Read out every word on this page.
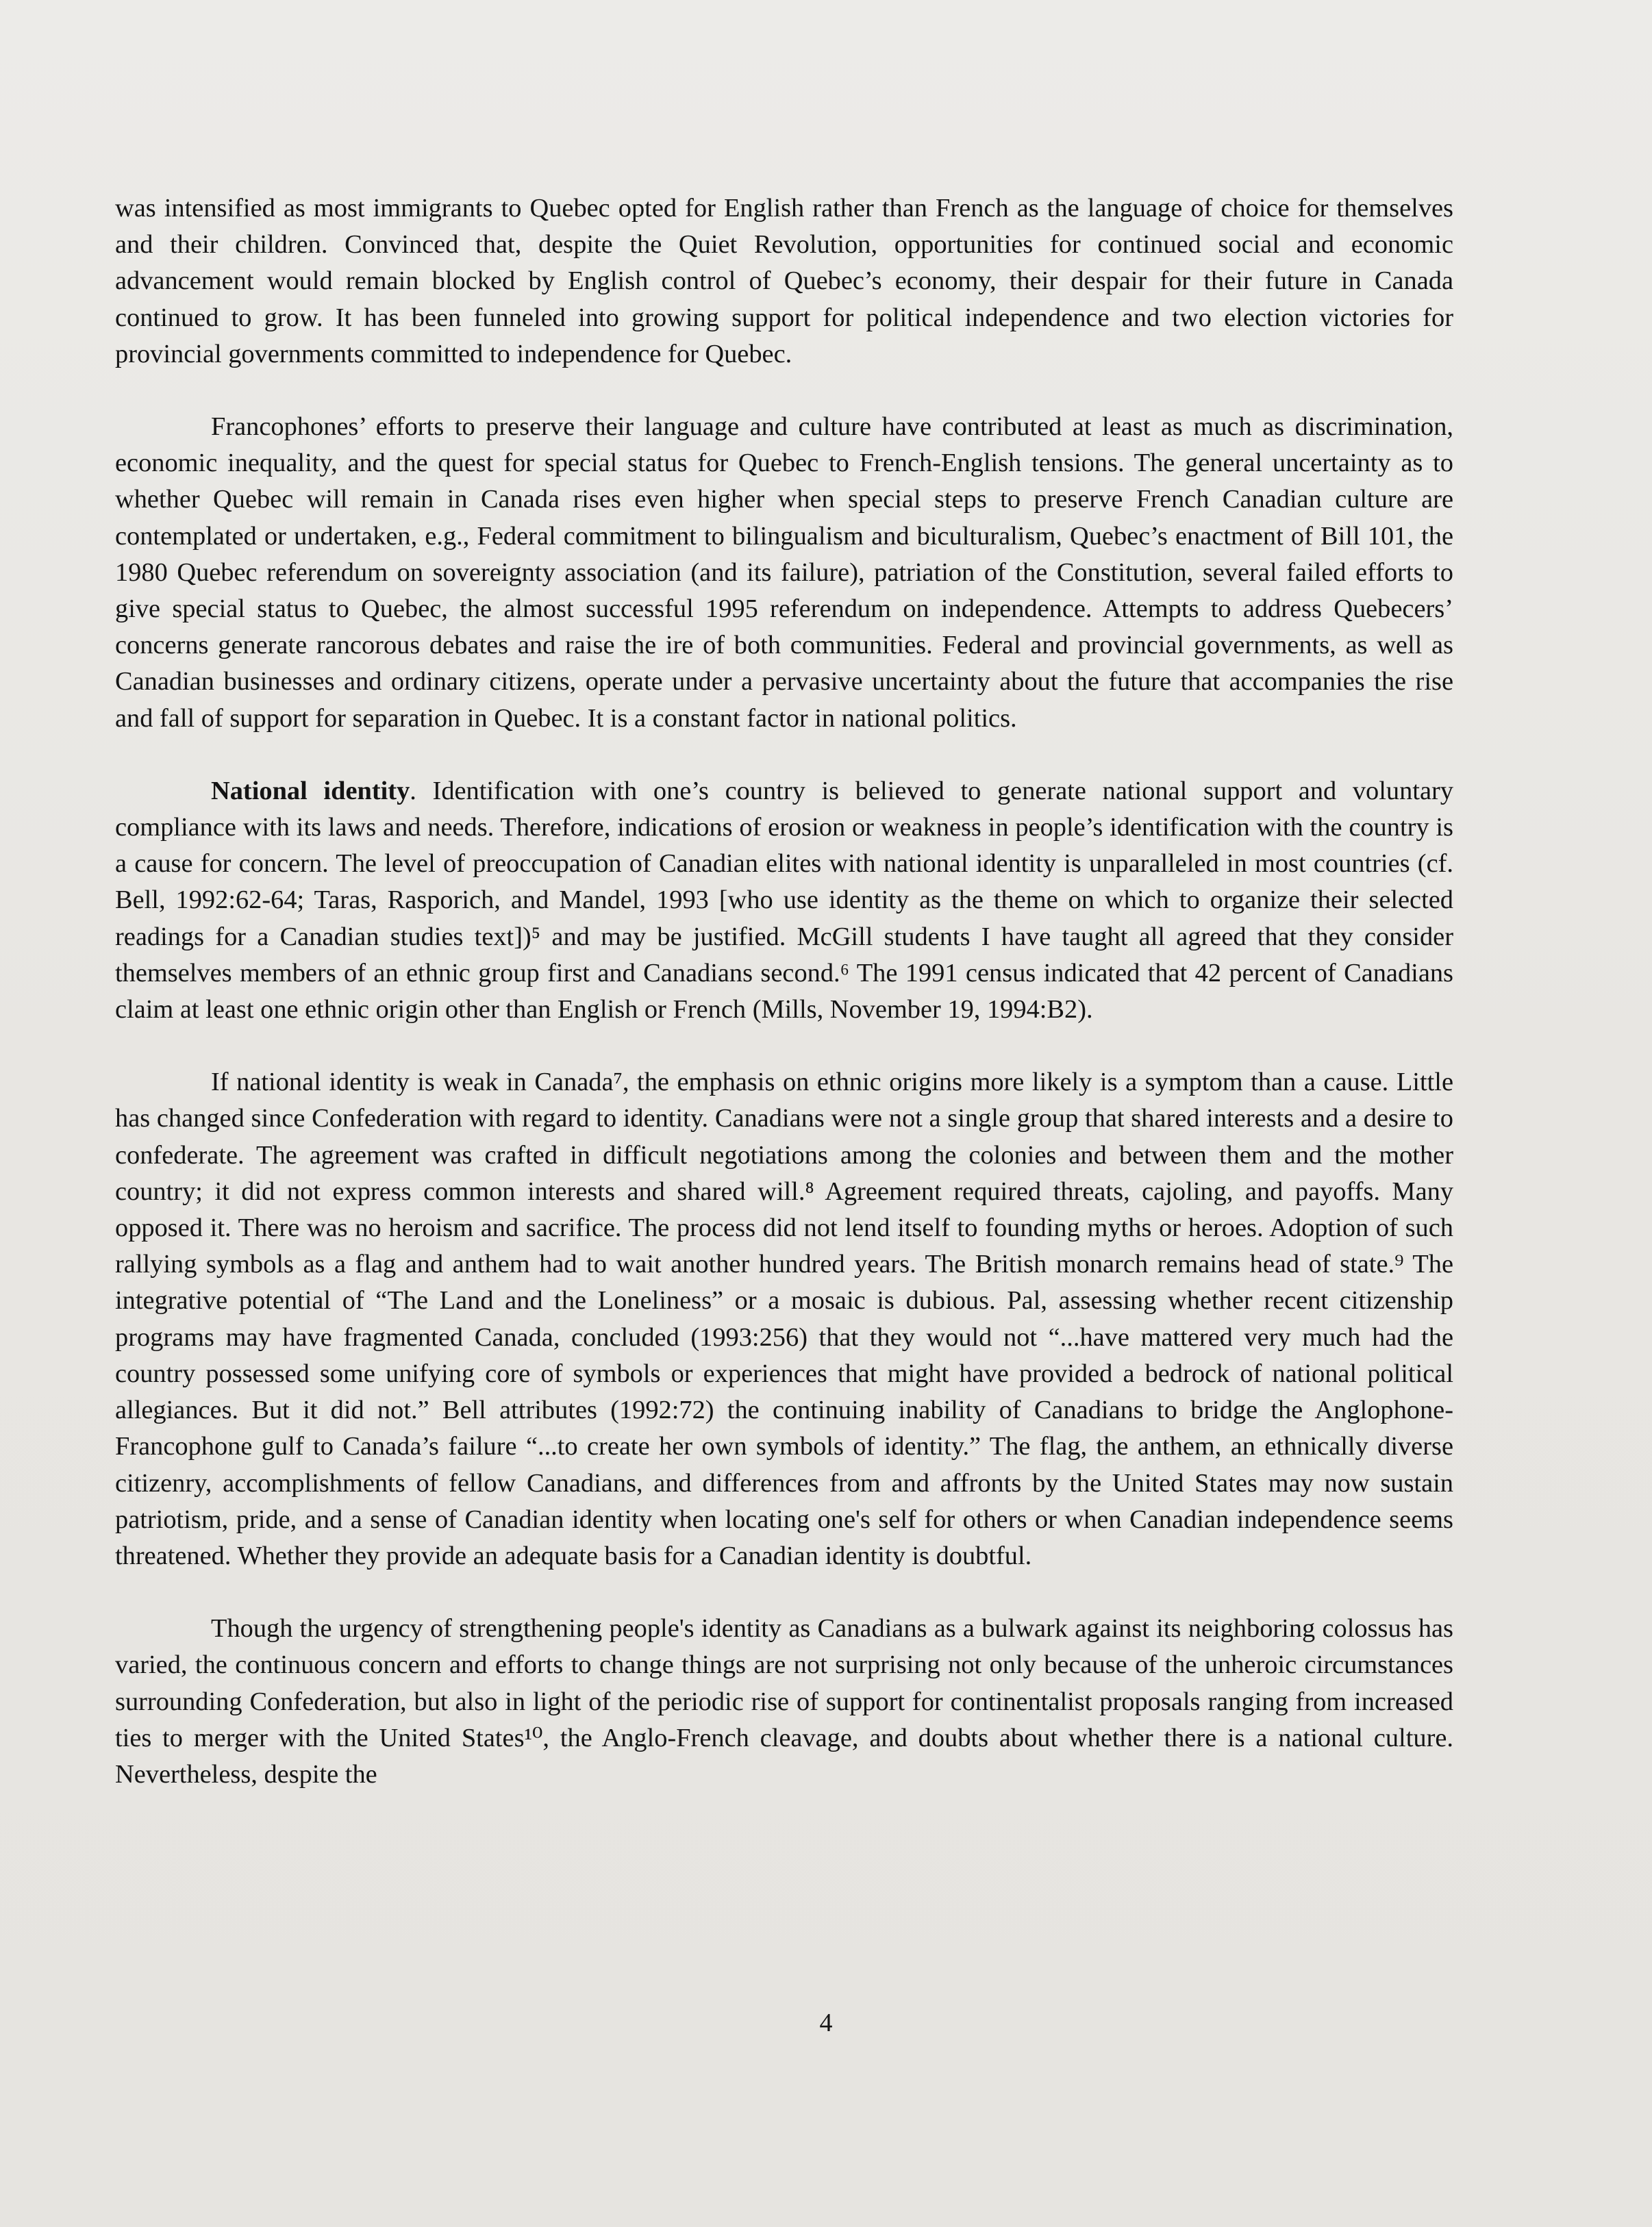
was intensified as most immigrants to Quebec opted for English rather than French as the language of choice for themselves and their children. Convinced that, despite the Quiet Revolution, opportunities for continued social and economic advancement would remain blocked by English control of Quebec’s economy, their despair for their future in Canada continued to grow. It has been funneled into growing support for political independence and two election victories for provincial governments committed to independence for Quebec.

Francophones’ efforts to preserve their language and culture have contributed at least as much as discrimination, economic inequality, and the quest for special status for Quebec to French-English tensions. The general uncertainty as to whether Quebec will remain in Canada rises even higher when special steps to preserve French Canadian culture are contemplated or undertaken, e.g., Federal commitment to bilingualism and biculturalism, Quebec’s enactment of Bill 101, the 1980 Quebec referendum on sovereignty association (and its failure), patriation of the Constitution, several failed efforts to give special status to Quebec, the almost successful 1995 referendum on independence. Attempts to address Quebecers’ concerns generate rancorous debates and raise the ire of both communities. Federal and provincial governments, as well as Canadian businesses and ordinary citizens, operate under a pervasive uncertainty about the future that accompanies the rise and fall of support for separation in Quebec. It is a constant factor in national politics.

National identity. Identification with one’s country is believed to generate national support and voluntary compliance with its laws and needs. Therefore, indications of erosion or weakness in people’s identification with the country is a cause for concern. The level of preoccupation of Canadian elites with national identity is unparalleled in most countries (cf. Bell, 1992:62-64; Taras, Rasporich, and Mandel, 1993 [who use identity as the theme on which to organize their selected readings for a Canadian studies text])⁵ and may be justified. McGill students I have taught all agreed that they consider themselves members of an ethnic group first and Canadians second.⁶ The 1991 census indicated that 42 percent of Canadians claim at least one ethnic origin other than English or French (Mills, November 19, 1994:B2).

If national identity is weak in Canada⁷, the emphasis on ethnic origins more likely is a symptom than a cause. Little has changed since Confederation with regard to identity. Canadians were not a single group that shared interests and a desire to confederate. The agreement was crafted in difficult negotiations among the colonies and between them and the mother country; it did not express common interests and shared will.⁸ Agreement required threats, cajoling, and payoffs. Many opposed it. There was no heroism and sacrifice. The process did not lend itself to founding myths or heroes. Adoption of such rallying symbols as a flag and anthem had to wait another hundred years. The British monarch remains head of state.⁹ The integrative potential of “The Land and the Loneliness” or a mosaic is dubious. Pal, assessing whether recent citizenship programs may have fragmented Canada, concluded (1993:256) that they would not “...have mattered very much had the country possessed some unifying core of symbols or experiences that might have provided a bedrock of national political allegiances. But it did not.” Bell attributes (1992:72) the continuing inability of Canadians to bridge the Anglophone-Francophone gulf to Canada’s failure “...to create her own symbols of identity.” The flag, the anthem, an ethnically diverse citizenry, accomplishments of fellow Canadians, and differences from and affronts by the United States may now sustain patriotism, pride, and a sense of Canadian identity when locating one's self for others or when Canadian independence seems threatened. Whether they provide an adequate basis for a Canadian identity is doubtful.

Though the urgency of strengthening people's identity as Canadians as a bulwark against its neighboring colossus has varied, the continuous concern and efforts to change things are not surprising not only because of the unheroic circumstances surrounding Confederation, but also in light of the periodic rise of support for continentalist proposals ranging from increased ties to merger with the United States¹⁰, the Anglo-French cleavage, and doubts about whether there is a national culture. Nevertheless, despite the

4
